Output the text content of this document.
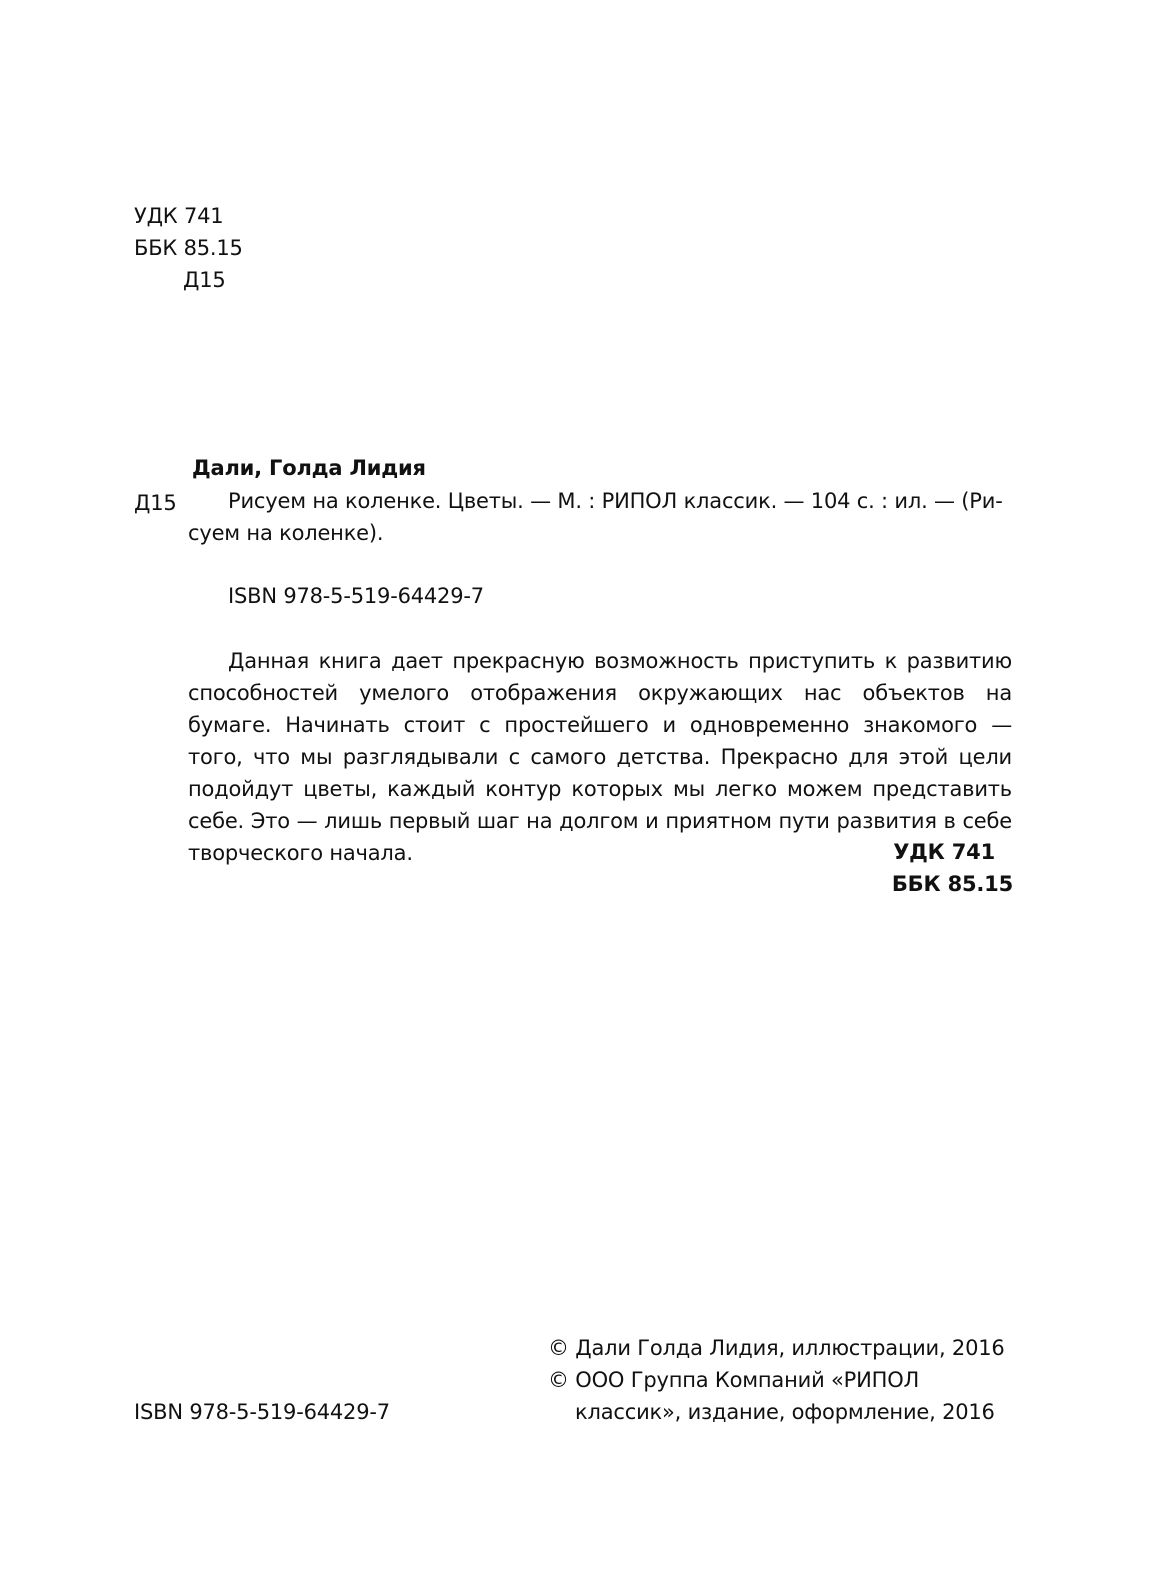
УДК 741
ББК 85.15
Д15
Дали, Голда Лидия
Д15	Рисуем на коленке. Цветы. — М. : РИПОЛ классик. — 104 с. : ил. — (Ри-суем на коленке).
ISBN 978-5-519-64429-7
Данная книга дает прекрасную возможность приступить к развитию способностей умелого отображения окружающих нас объектов на бумаге. Начинать стоит с простейшего и одновременно знакомого — того, что мы разглядывали с самого детства. Прекрасно для этой цели подойдут цветы, каждый контур которых мы легко можем представить себе. Это — лишь первый шаг на долгом и приятном пути развития в себе творческого начала.	УДК 741
ББК 85.15
© Дали Голда Лидия, иллюстрации, 2016
© ООО Группа Компаний «РИПОЛ
классик», издание, оформление, 2016
ISBN 978-5-519-64429-7
